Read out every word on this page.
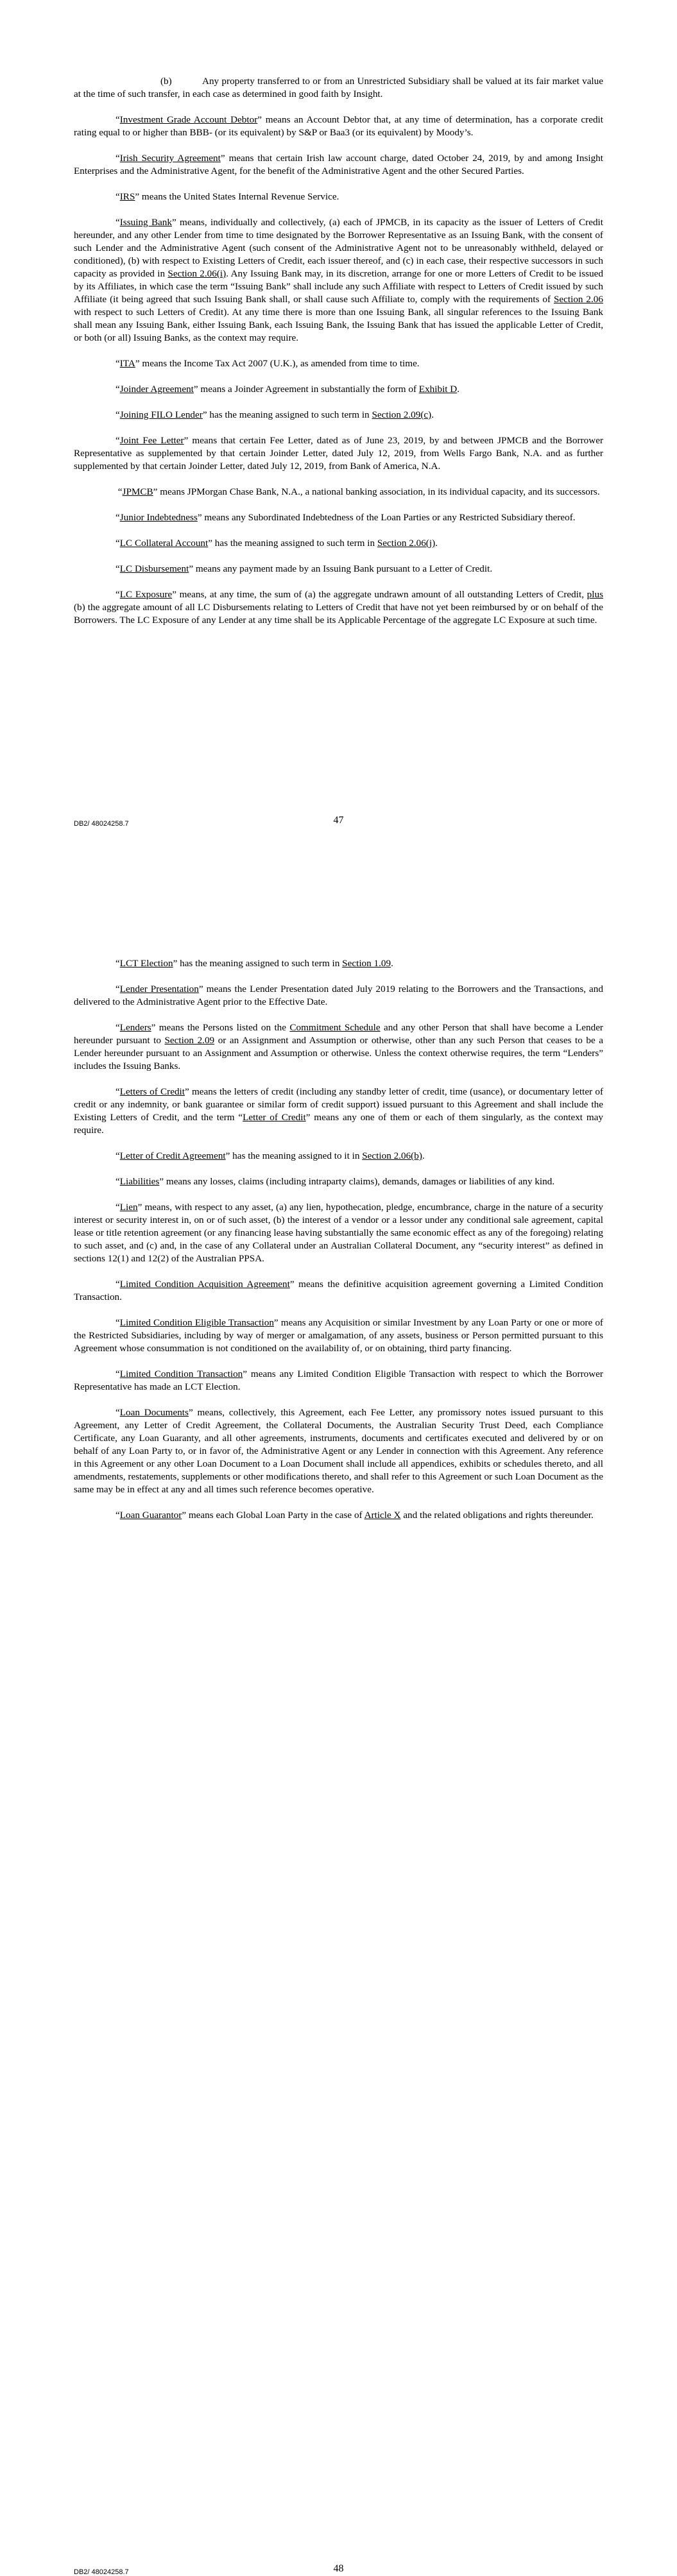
(b)	Any property transferred to or from an Unrestricted Subsidiary shall be valued at its fair market value at the time of such transfer, in each case as determined in good faith by Insight.

“Investment Grade Account Debtor” means an Account Debtor that, at any time of determination, has a corporate credit rating equal to or higher than BBB- (or its equivalent) by S&P or Baa3 (or its equivalent) by Moody’s.

“Irish Security Agreement” means that certain Irish law account charge, dated October 24, 2019, by and among Insight Enterprises and the Administrative Agent, for the benefit of the Administrative Agent and the other Secured Parties.

“IRS” means the United States Internal Revenue Service.

“Issuing Bank” means, individually and collectively, (a) each of JPMCB, in its capacity as the issuer of Letters of Credit hereunder, and any other Lender from time to time designated by the Borrower Representative as an Issuing Bank, with the consent of such Lender and the Administrative Agent (such consent of the Administrative Agent not to be unreasonably withheld, delayed or conditioned), (b) with respect to Existing Letters of Credit, each issuer thereof, and (c) in each case, their respective successors in such capacity as provided in Section 2.06(i). Any Issuing Bank may, in its discretion, arrange for one or more Letters of Credit to be issued by its Affiliates, in which case the term “Issuing Bank” shall include any such Affiliate with respect to Letters of Credit issued by such Affiliate (it being agreed that such Issuing Bank shall, or shall cause such Affiliate to, comply with the requirements of Section 2.06 with respect to such Letters of Credit). At any time there is more than one Issuing Bank, all singular references to the Issuing Bank shall mean any Issuing Bank, either Issuing Bank, each Issuing Bank, the Issuing Bank that has issued the applicable Letter of Credit, or both (or all) Issuing Banks, as the context may require.

“ITA” means the Income Tax Act 2007 (U.K.), as amended from time to time.

“Joinder Agreement” means a Joinder Agreement in substantially the form of Exhibit D.

“Joining FILO Lender” has the meaning assigned to such term in Section 2.09(c).

“Joint Fee Letter” means that certain Fee Letter, dated as of June 23, 2019, by and between JPMCB and the Borrower Representative as supplemented by that certain Joinder Letter, dated July 12, 2019, from Wells Fargo Bank, N.A. and as further supplemented by that certain Joinder Letter, dated July 12, 2019, from Bank of America, N.A.

“JPMCB” means JPMorgan Chase Bank, N.A., a national banking association, in its individual capacity, and its successors.

“Junior Indebtedness” means any Subordinated Indebtedness of the Loan Parties or any Restricted Subsidiary thereof.

“LC Collateral Account” has the meaning assigned to such term in Section 2.06(j).

“LC Disbursement” means any payment made by an Issuing Bank pursuant to a Letter of Credit.

“LC Exposure” means, at any time, the sum of (a) the aggregate undrawn amount of all outstanding Letters of Credit, plus (b) the aggregate amount of all LC Disbursements relating to Letters of Credit that have not yet been reimbursed by or on behalf of the Borrowers. The LC Exposure of any Lender at any time shall be its Applicable Percentage of the aggregate LC Exposure at such time.

DB2/ 48024258.7	47

“LCT Election” has the meaning assigned to such term in Section 1.09.

“Lender Presentation” means the Lender Presentation dated July 2019 relating to the Borrowers and the Transactions, and delivered to the Administrative Agent prior to the Effective Date.

“Lenders” means the Persons listed on the Commitment Schedule and any other Person that shall have become a Lender hereunder pursuant to Section 2.09 or an Assignment and Assumption or otherwise, other than any such Person that ceases to be a Lender hereunder pursuant to an Assignment and Assumption or otherwise. Unless the context otherwise requires, the term “Lenders” includes the Issuing Banks.

“Letters of Credit” means the letters of credit (including any standby letter of credit, time (usance), or documentary letter of credit or any indemnity, or bank guarantee or similar form of credit support) issued pursuant to this Agreement and shall include the Existing Letters of Credit, and the term “Letter of Credit” means any one of them or each of them singularly, as the context may require.

“Letter of Credit Agreement” has the meaning assigned to it in Section 2.06(b).

“Liabilities” means any losses, claims (including intraparty claims), demands, damages or liabilities of any kind.

“Lien” means, with respect to any asset, (a) any lien, hypothecation, pledge, encumbrance, charge in the nature of a security interest or security interest in, on or of such asset, (b) the interest of a vendor or a lessor under any conditional sale agreement, capital lease or title retention agreement (or any financing lease having substantially the same economic effect as any of the foregoing) relating to such asset, and (c) and, in the case of any Collateral under an Australian Collateral Document, any “security interest” as defined in sections 12(1) and 12(2) of the Australian PPSA.

“Limited Condition Acquisition Agreement” means the definitive acquisition agreement governing a Limited Condition Transaction.

“Limited Condition Eligible Transaction” means any Acquisition or similar Investment by any Loan Party or one or more of the Restricted Subsidiaries, including by way of merger or amalgamation, of any assets, business or Person permitted pursuant to this Agreement whose consummation is not conditioned on the availability of, or on obtaining, third party financing.

“Limited Condition Transaction” means any Limited Condition Eligible Transaction with respect to which the Borrower Representative has made an LCT Election.

“Loan Documents” means, collectively, this Agreement, each Fee Letter, any promissory notes issued pursuant to this Agreement, any Letter of Credit Agreement, the Collateral Documents, the Australian Security Trust Deed, each Compliance Certificate, any Loan Guaranty, and all other agreements, instruments, documents and certificates executed and delivered by or on behalf of any Loan Party to, or in favor of, the Administrative Agent or any Lender in connection with this Agreement. Any reference in this Agreement or any other Loan Document to a Loan Document shall include all appendices, exhibits or schedules thereto, and all amendments, restatements, supplements or other modifications thereto, and shall refer to this Agreement or such Loan Document as the same may be in effect at any and all times such reference becomes operative.

“Loan Guarantor” means each Global Loan Party in the case of Article X and the related obligations and rights thereunder.

DB2/ 48024258.7	48
